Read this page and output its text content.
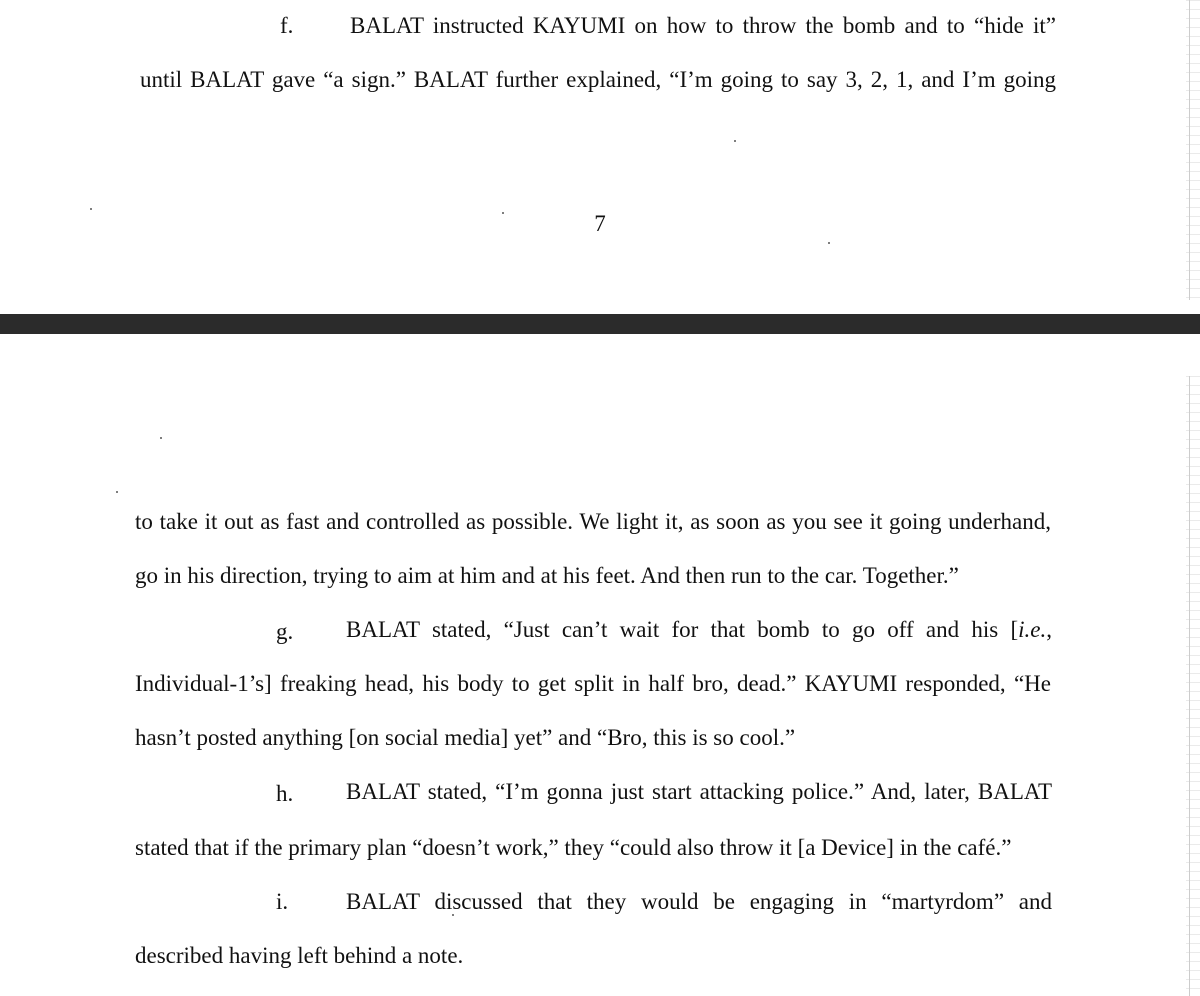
f. BALAT instructed KAYUMI on how to throw the bomb and to “hide it”
until BALAT gave “a sign.” BALAT further explained, “I’m going to say 3, 2, 1, and I’m going
7
to take it out as fast and controlled as possible. We light it, as soon as you see it going underhand,
go in his direction, trying to aim at him and at his feet. And then run to the car. Together.”
g. BALAT stated, “Just can’t wait for that bomb to go off and his [i.e.,
Individual-1’s] freaking head, his body to get split in half bro, dead.” KAYUMI responded, “He
hasn’t posted anything [on social media] yet” and “Bro, this is so cool.”
h. BALAT stated, “I’m gonna just start attacking police.” And, later, BALAT
stated that if the primary plan “doesn’t work,” they “could also throw it [a Device] in the café.”
i.	BALAT discussed that they would be engaging in “martyrdom” and
described having left behind a note.
